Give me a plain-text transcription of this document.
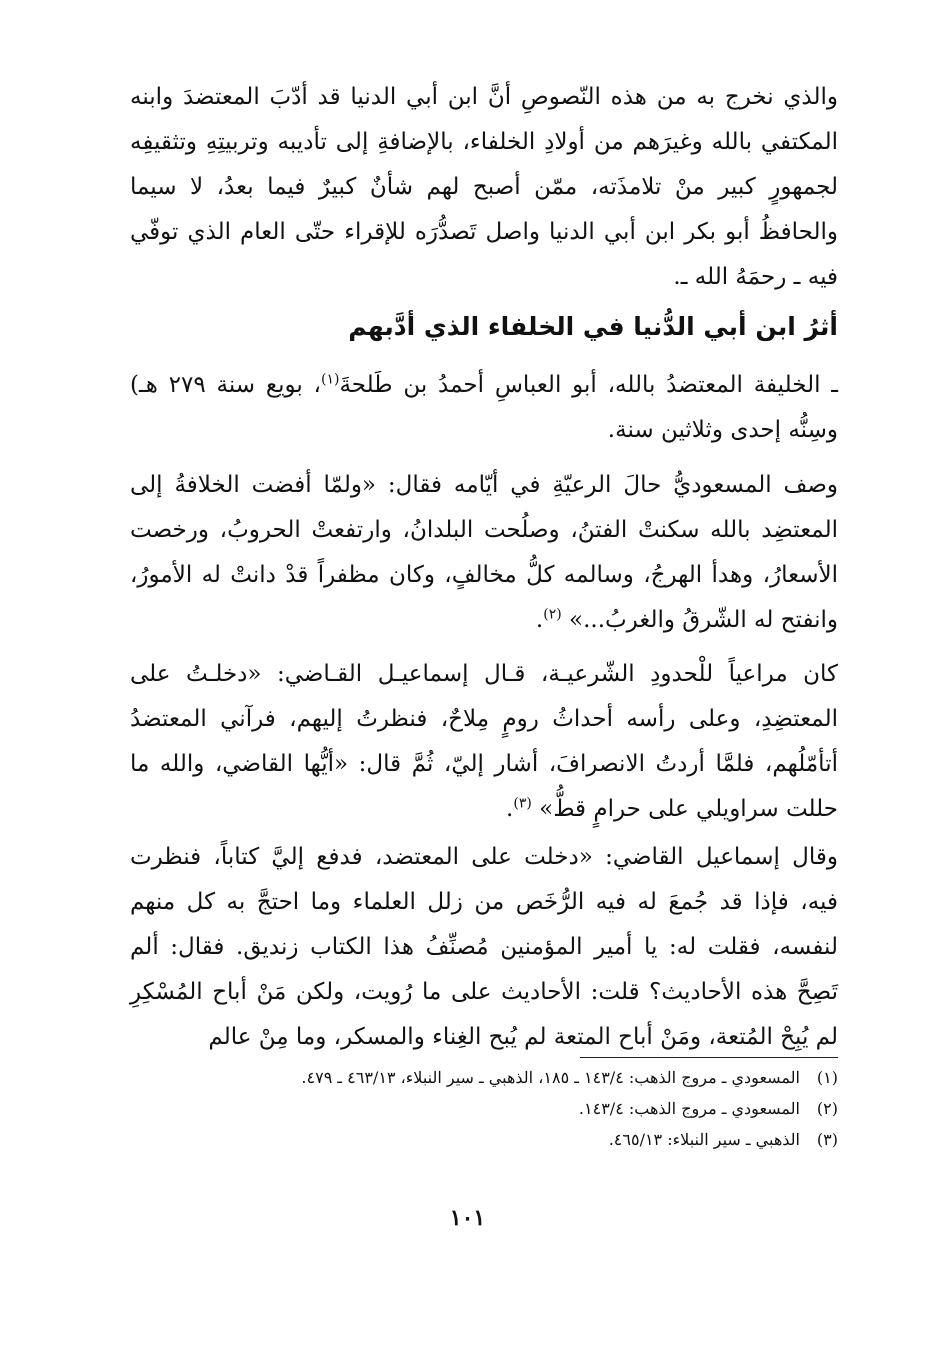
والذي نخرج به من هذه النّصوصِ أنَّ ابن أبي الدنيا قد أدّبَ المعتضدَ وابنه المكتفي بالله وغيرَهم من أولادِ الخلفاء، بالإضافةِ إلى تأديبه وتربيتِهِ وتثقيفِه لجمهورٍ كبير منْ تلامذَته، ممّن أصبح لهم شأنٌ كبيرٌ فيما بعدُ، لا سيما والحافظُ أبو بكر ابن أبي الدنيا واصل تَصدُّرَه للإقراء حتّى العام الذي توفّي فيه ـ رحمَهُ الله ـ.

أثرُ ابن أبي الدُّنيا في الخلفاء الذي أدَّبهم

ـ الخليفة المعتضدُ بالله، أبو العباسِ أحمدُ بن طَلحةَ$^{(١)}$، بويع سنة ٢٧٩ هـ) وسِنُّه إحدى وثلاثين سنة.

وصف المسعوديُّ حالَ الرعيّةِ في أيّامه فقال: «ولمّا أفضت الخلافةُ إلى المعتضِد بالله سكنتْ الفتنُ، وصلُحت البلدانُ، وارتفعتْ الحروبُ، ورخصت الأسعارُ، وهدأ الهرجُ، وسالمه كلُّ مخالفٍ، وكان مظفراً قدْ دانتْ له الأمورُ، وانفتح له الشّرقُ والغربُ...» $^{(٢)}$.

كان مراعياً للْحدودِ الشّرعيـة، قـال إسماعيـل القـاضي: «دخلـتُ على المعتضِدِ، وعلى رأسه أحداثُ رومٍ مِلاحٌ، فنظرتُ إليهم، فرآني المعتضدُ أتأمّلُهم، فلمَّا أردتُ الانصرافَ، أشار إليّ، ثُمَّ قال: «أيُّها القاضي، والله ما حللت سراويلي على حرامٍ قطُّ» $^{(٣)}$.

وقال إسماعيل القاضي: «دخلت على المعتضد، فدفع إليَّ كتاباً، فنظرت فيه، فإذا قد جُمعَ له فيه الرُّخَص من زلل العلماء وما احتجَّ به كل منهم لنفسه، فقلت له: يا أمير المؤمنين مُصنِّفُ هذا الكتاب زنديق. فقال: ألم تَصِحَّ هذه الأحاديث؟ قلت: الأحاديث على ما رُويت، ولكن مَنْ أباح المُسْكِرِ لم يُبِحْ المُتعة، ومَنْ أباح المتعة لم يُبح الغِناء والمسكر، وما مِنْ عالم

(١)
المسعودي ـ مروج الذهب: ١٤٣/٤ ـ ١٨٥، الذهبي ـ سير النبلاء، ٤٦٣/١٣ ـ ٤٧٩.
(٢)
المسعودي ـ مروج الذهب: ١٤٣/٤.
(٣)
الذهبي ـ سير النبلاء: ٤٦٥/١٣.
١٠١
